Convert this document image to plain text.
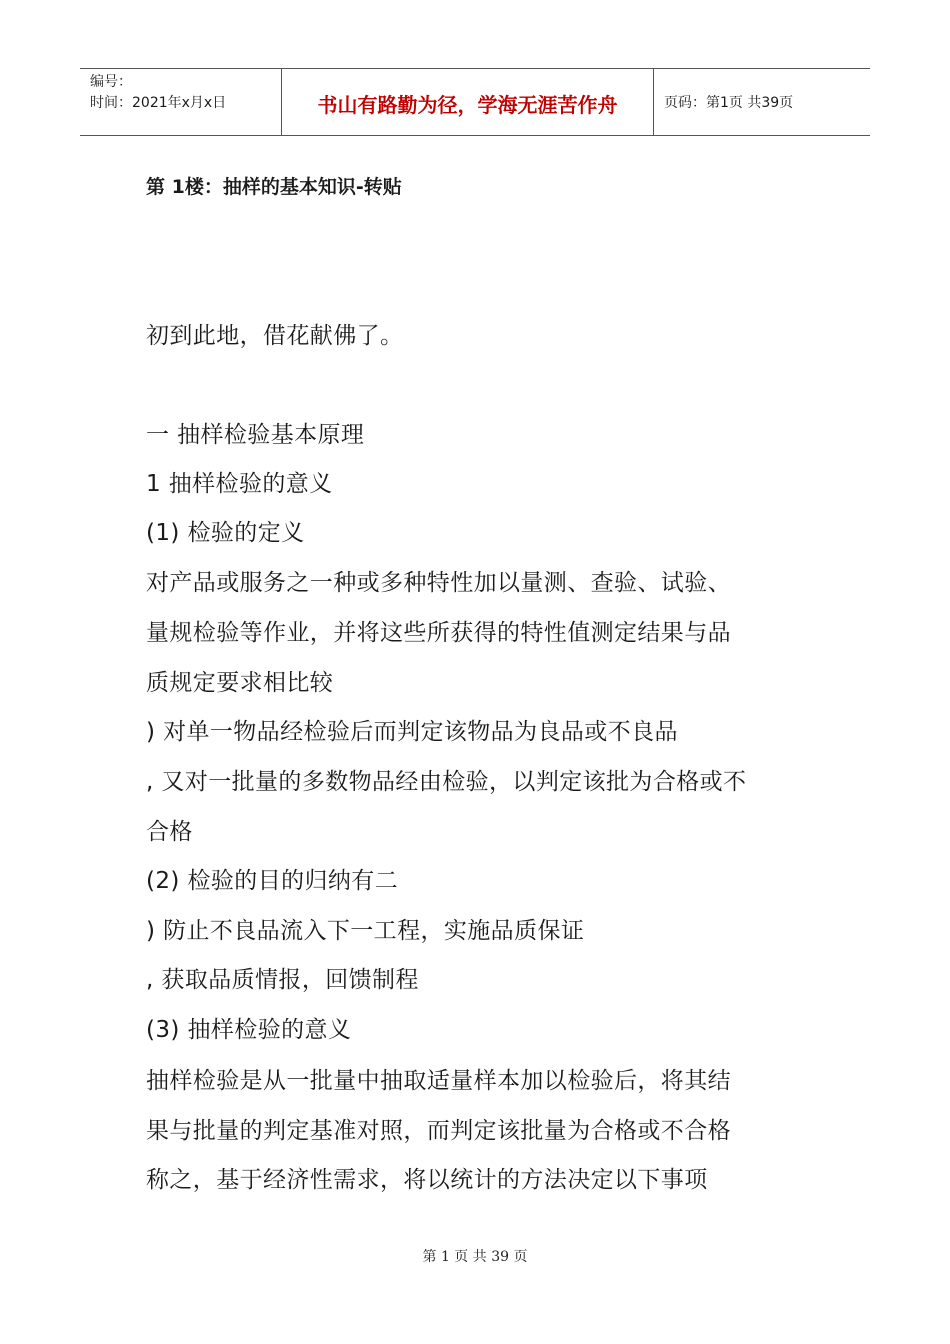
编号：
时间：2021年x月x日	书山有路勤为径，学海无涯苦作舟	页码：第1页 共39页
第 1楼：抽样的基本知识-转贴
初到此地，借花献佛了。
一 抽样检验基本原理
1 抽样检验的意义
(1) 检验的定义
对产品或服务之一种或多种特性加以量测、查验、试验、
量规检验等作业，并将这些所获得的特性值测定结果与品
质规定要求相比较
) 对单一物品经检验后而判定该物品为良品或不良品
, 又对一批量的多数物品经由检验，以判定该批为合格或不
合格
(2) 检验的目的归纳有二
) 防止不良品流入下一工程，实施品质保证
, 获取品质情报，回馈制程
(3) 抽样检验的意义
抽样检验是从一批量中抽取适量样本加以检验后，将其结
果与批量的判定基准对照，而判定该批量为合格或不合格
称之，基于经济性需求，将以统计的方法决定以下事项
第 1 页 共 39 页
